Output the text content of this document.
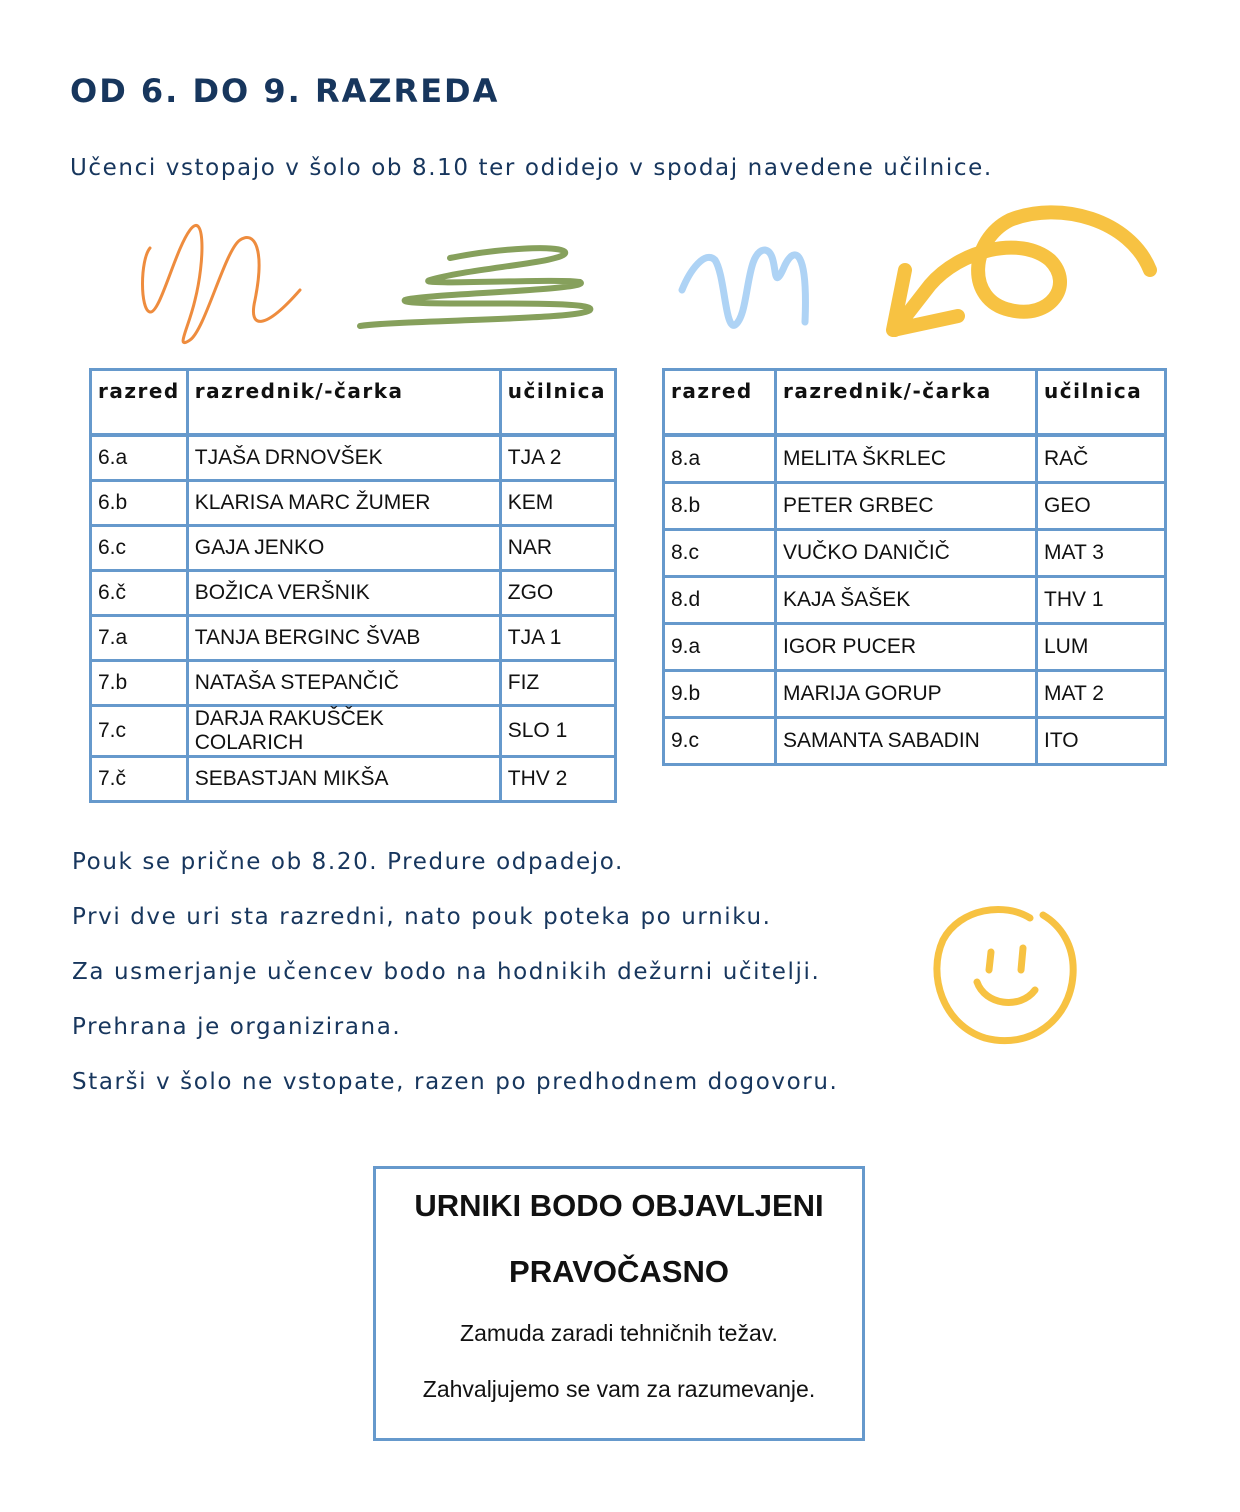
OD 6. DO 9. RAZREDA

Učenci vstopajo v šolo ob 8.10 ter odidejo v spodaj navedene učilnice.

razred	razrednik/-čarka	učilnica
6.a	TJAŠA DRNOVŠEK	TJA 2
6.b	KLARISA MARC ŽUMER	KEM
6.c	GAJA JENKO	NAR
6.č	BOŽICA VERŠNIK	ZGO
7.a	TANJA BERGINC ŠVAB	TJA 1
7.b	NATAŠA STEPANČIČ	FIZ
7.c	DARJA RAKUŠČEK COLARICH	SLO 1
7.č	SEBASTJAN MIKŠA	THV 2
razred	razrednik/-čarka	učilnica
8.a	MELITA ŠKRLEC	RAČ
8.b	PETER GRBEC	GEO
8.c	VUČKO DANIČIČ	MAT 3
8.d	KAJA ŠAŠEK	THV 1
9.a	IGOR PUCER	LUM
9.b	MARIJA GORUP	MAT 2
9.c	SAMANTA SABADIN	ITO
Pouk se prične ob 8.20. Predure odpadejo.
Prvi dve uri sta razredni, nato pouk poteka po urniku.
Za usmerjanje učencev bodo na hodnikih dežurni učitelji.
Prehrana je organizirana.
Starši v šolo ne vstopate, razen po predhodnem dogovoru.

URNIKI BODO OBJAVLJENI PRAVOČASNO

Zamuda zaradi tehničnih težav.

Zahvaljujemo se vam za razumevanje.
